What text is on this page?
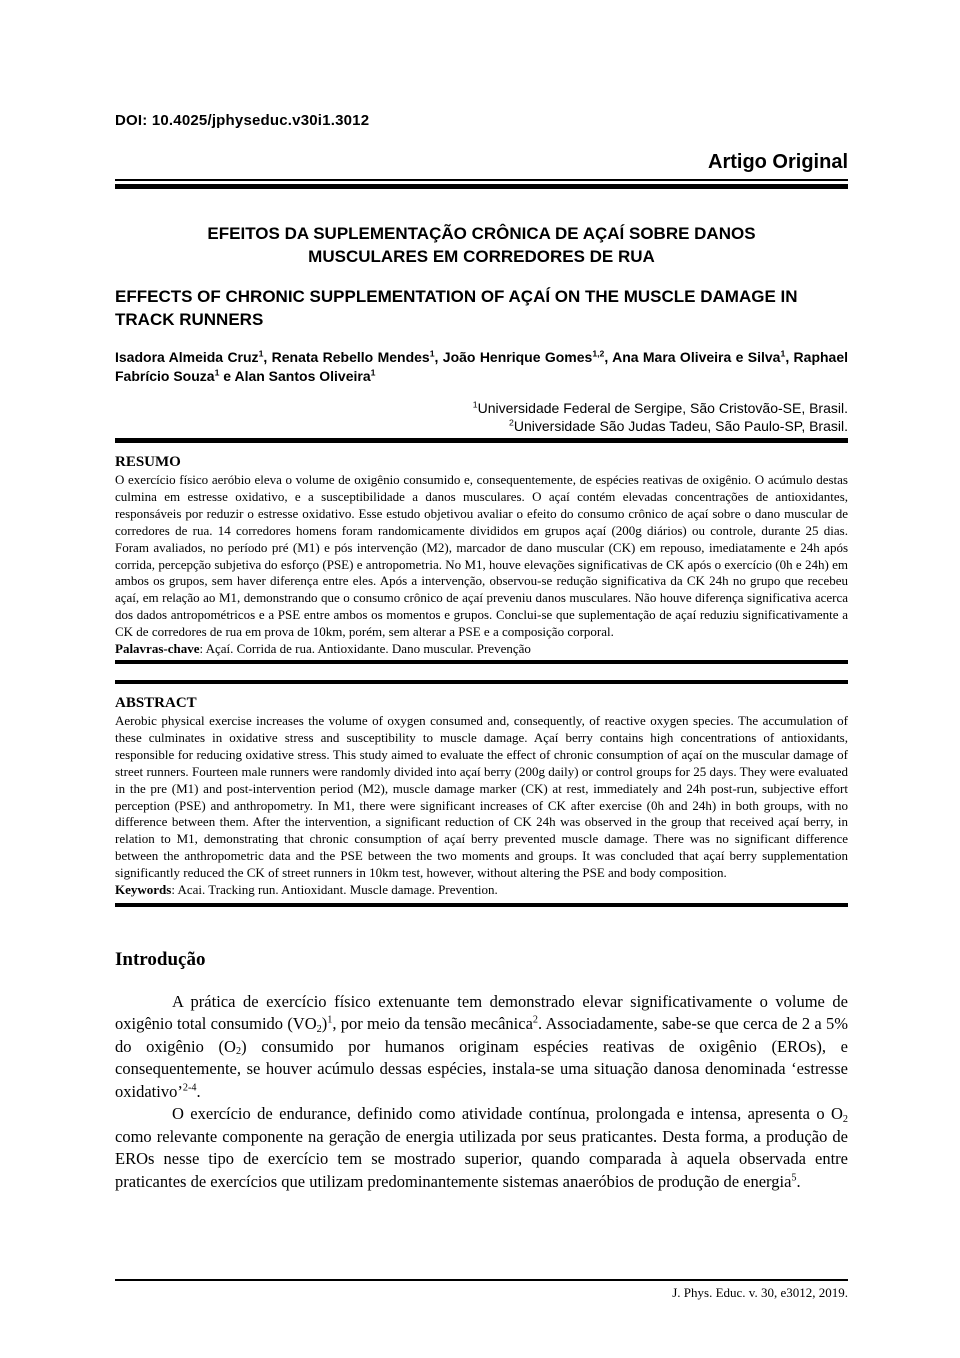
DOI: 10.4025/jphyseduc.v30i1.3012
Artigo Original
EFEITOS DA SUPLEMENTAÇÃO CRÔNICA DE AÇAÍ SOBRE DANOS MUSCULARES EM CORREDORES DE RUA
EFFECTS OF CHRONIC SUPPLEMENTATION OF AÇAÍ ON THE MUSCLE DAMAGE IN TRACK RUNNERS
Isadora Almeida Cruz$^1$, Renata Rebello Mendes$^1$, João Henrique Gomes$^{1,2}$, Ana Mara Oliveira e Silva$^1$, Raphael Fabrício Souza$^1$ e Alan Santos Oliveira$^1$
$^1$Universidade Federal de Sergipe, São Cristovão-SE, Brasil.
$^2$Universidade São Judas Tadeu, São Paulo-SP, Brasil.
RESUMO
O exercício físico aeróbio eleva o volume de oxigênio consumido e, consequentemente, de espécies reativas de oxigênio. O acúmulo destas culmina em estresse oxidativo, e a susceptibilidade a danos musculares. O açaí contém elevadas concentrações de antioxidantes, responsáveis por reduzir o estresse oxidativo. Esse estudo objetivou avaliar o efeito do consumo crônico de açaí sobre o dano muscular de corredores de rua. 14 corredores homens foram randomicamente divididos em grupos açaí (200g diários) ou controle, durante 25 dias. Foram avaliados, no período pré (M1) e pós intervenção (M2), marcador de dano muscular (CK) em repouso, imediatamente e 24h após corrida, percepção subjetiva do esforço (PSE) e antropometria. No M1, houve elevações significativas de CK após o exercício (0h e 24h) em ambos os grupos, sem haver diferença entre eles. Após a intervenção, observou-se redução significativa da CK 24h no grupo que recebeu açaí, em relação ao M1, demonstrando que o consumo crônico de açaí preveniu danos musculares. Não houve diferença significativa acerca dos dados antropométricos e a PSE entre ambos os momentos e grupos. Conclui-se que suplementação de açaí reduziu significativamente a CK de corredores de rua em prova de 10km, porém, sem alterar a PSE e a composição corporal.
Palavras-chave: Açaí. Corrida de rua. Antioxidante. Dano muscular. Prevenção
ABSTRACT
Aerobic physical exercise increases the volume of oxygen consumed and, consequently, of reactive oxygen species. The accumulation of these culminates in oxidative stress and susceptibility to muscle damage. Açaí berry contains high concentrations of antioxidants, responsible for reducing oxidative stress. This study aimed to evaluate the effect of chronic consumption of açaí on the muscular damage of street runners. Fourteen male runners were randomly divided into açaí berry (200g daily) or control groups for 25 days. They were evaluated in the pre (M1) and post-intervention period (M2), muscle damage marker (CK) at rest, immediately and 24h post-run, subjective effort perception (PSE) and anthropometry. In M1, there were significant increases of CK after exercise (0h and 24h) in both groups, with no difference between them. After the intervention, a significant reduction of CK 24h was observed in the group that received açaí berry, in relation to M1, demonstrating that chronic consumption of açaí berry prevented muscle damage. There was no significant difference between the anthropometric data and the PSE between the two moments and groups. It was concluded that açaí berry supplementation significantly reduced the CK of street runners in 10km test, however, without altering the PSE and body composition.
Keywords: Acai. Tracking run. Antioxidant. Muscle damage. Prevention.
Introdução

A prática de exercício físico extenuante tem demonstrado elevar significativamente o volume de oxigênio total consumido $(VO_2)^1$, por meio da tensão mecânica$^2$. Associadamente, sabe-se que cerca de 2 a 5% do oxigênio $(O_2)$ consumido por humanos originam espécies reativas de oxigênio (EROs), e consequentemente, se houver acúmulo dessas espécies, instala-se uma situação danosa denominada ‘estresse oxidativo’$^{2-4}$.

O exercício de endurance, definido como atividade contínua, prolongada e intensa, apresenta o $O_2$ como relevante componente na geração de energia utilizada por seus praticantes. Desta forma, a produção de EROs nesse tipo de exercício tem se mostrado superior, quando comparada à aquela observada entre praticantes de exercícios que utilizam predominantemente sistemas anaeróbios de produção de energia$^5$.

J. Phys. Educ. v. 30, e3012, 2019.
